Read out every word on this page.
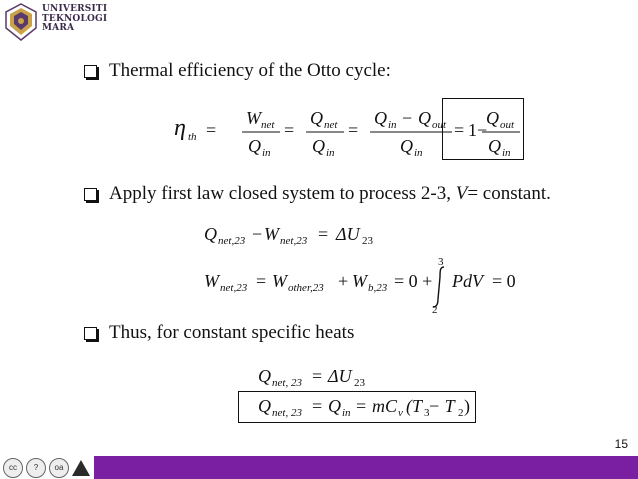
UNIVERSITI
TEKNOLOGI
MARA
Thermal efficiency of the Otto cycle:
η th =
W net
Q in
=
Q net
Q in
=
Q in − Q out
Q in
= 1−
Q out
Q in
Apply first law closed system to process 2-3,
V = constant.
Q net,23 − W net,23 = ΔU 23
W net,23 = W other,23 + W b,23 = 0 +
3
2
PdV = 0
Thus, for constant specific heats
Q net, 23 = ΔU 23
Q net, 23 = Q in = mC v (T 3
− T 2 )
15
cc	?	oa
